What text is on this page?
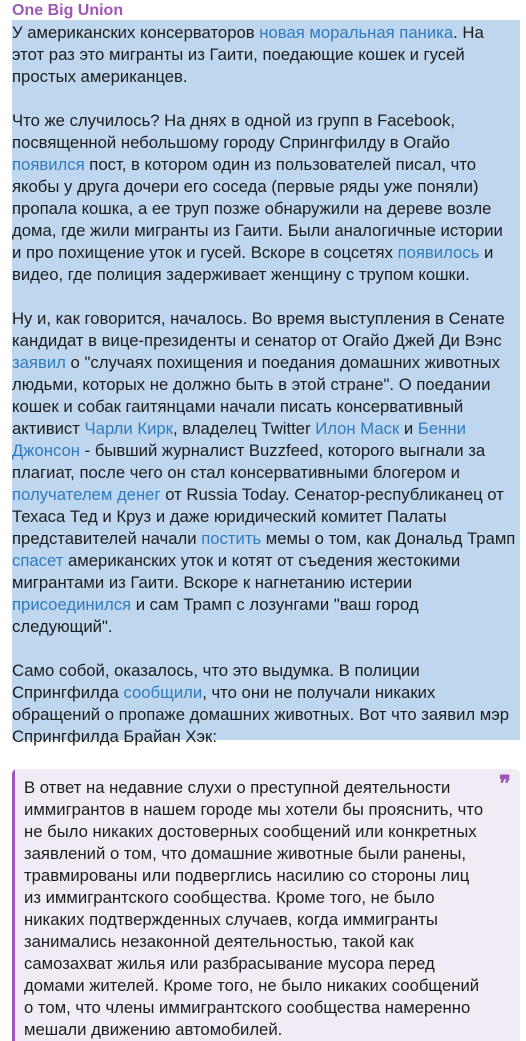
One Big Union
У американских консерваторов новая моральная паника. На
этот раз это мигранты из Гаити, поедающие кошек и гусей
простых американцев.
Что же случилось? На днях в одной из групп в Facebook,
посвященной небольшому городу Спрингфилду в Огайо
появился пост, в котором один из пользователей писал, что
якобы у друга дочери его соседа (первые ряды уже поняли)
пропала кошка, а ее труп позже обнаружили на дереве возле
дома, где жили мигранты из Гаити. Были аналогичные истории
и про похищение уток и гусей. Вскоре в соцсетях появилось и
видео, где полиция задерживает женщину с трупом кошки.
Ну и, как говорится, началось. Во время выступления в Сенате
кандидат в вице-президенты и сенатор от Огайо Джей Ди Вэнс
заявил о "случаях похищения и поедания домашних животных
людьми, которых не должно быть в этой стране". О поедании
кошек и собак гаитянцами начали писать консервативный
активист Чарли Кирк, владелец Twitter Илон Маск и Бенни
Джонсон - бывший журналист Buzzfeed, которого выгнали за
плагиат, после чего он стал консервативными блогером и
получателем денег от Russia Today. Сенатор-республиканец от
Техаса Тед и Круз и даже юридический комитет Палаты
представителей начали постить мемы о том, как Дональд Трамп
спасет американских уток и котят от съедения жестокими
мигрантами из Гаити. Вскоре к нагнетанию истерии
присоединился и сам Трамп с лозунгами "ваш город
следующий".
Само собой, оказалось, что это выдумка. В полиции
Спрингфилда сообщили, что они не получали никаких
обращений о пропаже домашних животных. Вот что заявил мэр
Спрингфилда Брайан Хэк:
❞
В ответ на недавние слухи о преступной деятельности
иммигрантов в нашем городе мы хотели бы прояснить, что
не было никаких достоверных сообщений или конкретных
заявлений о том, что домашние животные были ранены,
травмированы или подверглись насилию со стороны лиц
из иммигрантского сообщества. Кроме того, не было
никаких подтвержденных случаев, когда иммигранты
занимались незаконной деятельностью, такой как
самозахват жилья или разбрасывание мусора перед
домами жителей. Кроме того, не было никаких сообщений
о том, что члены иммигрантского сообщества намеренно
мешали движению автомобилей.
